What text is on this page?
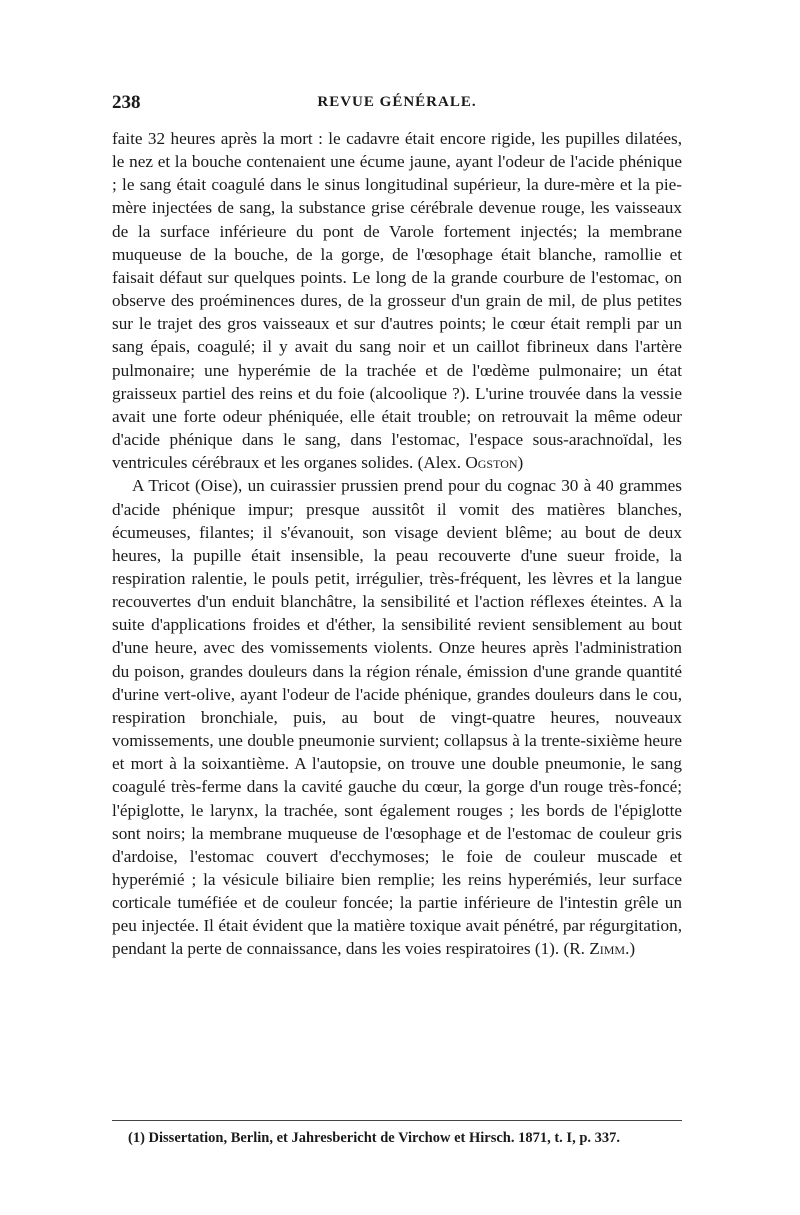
238	REVUE GÉNÉRALE.

faite 32 heures après la mort : le cadavre était encore rigide, les pupilles dilatées, le nez et la bouche contenaient une écume jaune, ayant l'odeur de l'acide phénique ; le sang était coagulé dans le sinus longitudinal supérieur, la dure-mère et la pie-mère injectées de sang, la substance grise cérébrale devenue rouge, les vaisseaux de la surface inférieure du pont de Varole fortement injectés; la membrane muqueuse de la bouche, de la gorge, de l'œsophage était blanche, ramollie et faisait défaut sur quelques points. Le long de la grande courbure de l'estomac, on observe des proéminences dures, de la grosseur d'un grain de mil, de plus petites sur le trajet des gros vaisseaux et sur d'autres points; le cœur était rempli par un sang épais, coagulé; il y avait du sang noir et un caillot fibrineux dans l'artère pulmonaire; une hyperémie de la trachée et de l'œdème pulmonaire; un état graisseux partiel des reins et du foie (alcoolique ?). L'urine trouvée dans la vessie avait une forte odeur phéniquée, elle était trouble; on retrouvait la même odeur d'acide phénique dans le sang, dans l'estomac, l'espace sous-arachnoïdal, les ventricules cérébraux et les organes solides. (Alex. Ogston)

A Tricot (Oise), un cuirassier prussien prend pour du cognac 30 à 40 grammes d'acide phénique impur; presque aussitôt il vomit des matières blanches, écumeuses, filantes; il s'évanouit, son visage devient blême; au bout de deux heures, la pupille était insensible, la peau recouverte d'une sueur froide, la respiration ralentie, le pouls petit, irrégulier, très-fréquent, les lèvres et la langue recouvertes d'un enduit blanchâtre, la sensibilité et l'action réflexes éteintes. A la suite d'applications froides et d'éther, la sensibilité revient sensiblement au bout d'une heure, avec des vomissements violents. Onze heures après l'administration du poison, grandes douleurs dans la région rénale, émission d'une grande quantité d'urine vert-olive, ayant l'odeur de l'acide phénique, grandes douleurs dans le cou, respiration bronchiale, puis, au bout de vingt-quatre heures, nouveaux vomissements, une double pneumonie survient; collapsus à la trente-sixième heure et mort à la soixantième. A l'autopsie, on trouve une double pneumonie, le sang coagulé très-ferme dans la cavité gauche du cœur, la gorge d'un rouge très-foncé; l'épiglotte, le larynx, la trachée, sont également rouges ; les bords de l'épiglotte sont noirs; la membrane muqueuse de l'œsophage et de l'estomac de couleur gris d'ardoise, l'estomac couvert d'ecchymoses; le foie de couleur muscade et hyperémié ; la vésicule biliaire bien remplie; les reins hyperémiés, leur surface corticale tuméfiée et de couleur foncée; la partie inférieure de l'intestin grêle un peu injectée. Il était évident que la matière toxique avait pénétré, par régurgitation, pendant la perte de connaissance, dans les voies respiratoires (1). (R. Zimm.)

(1) Dissertation, Berlin, et Jahresbericht de Virchow et Hirsch. 1871, t. I, p. 337.
